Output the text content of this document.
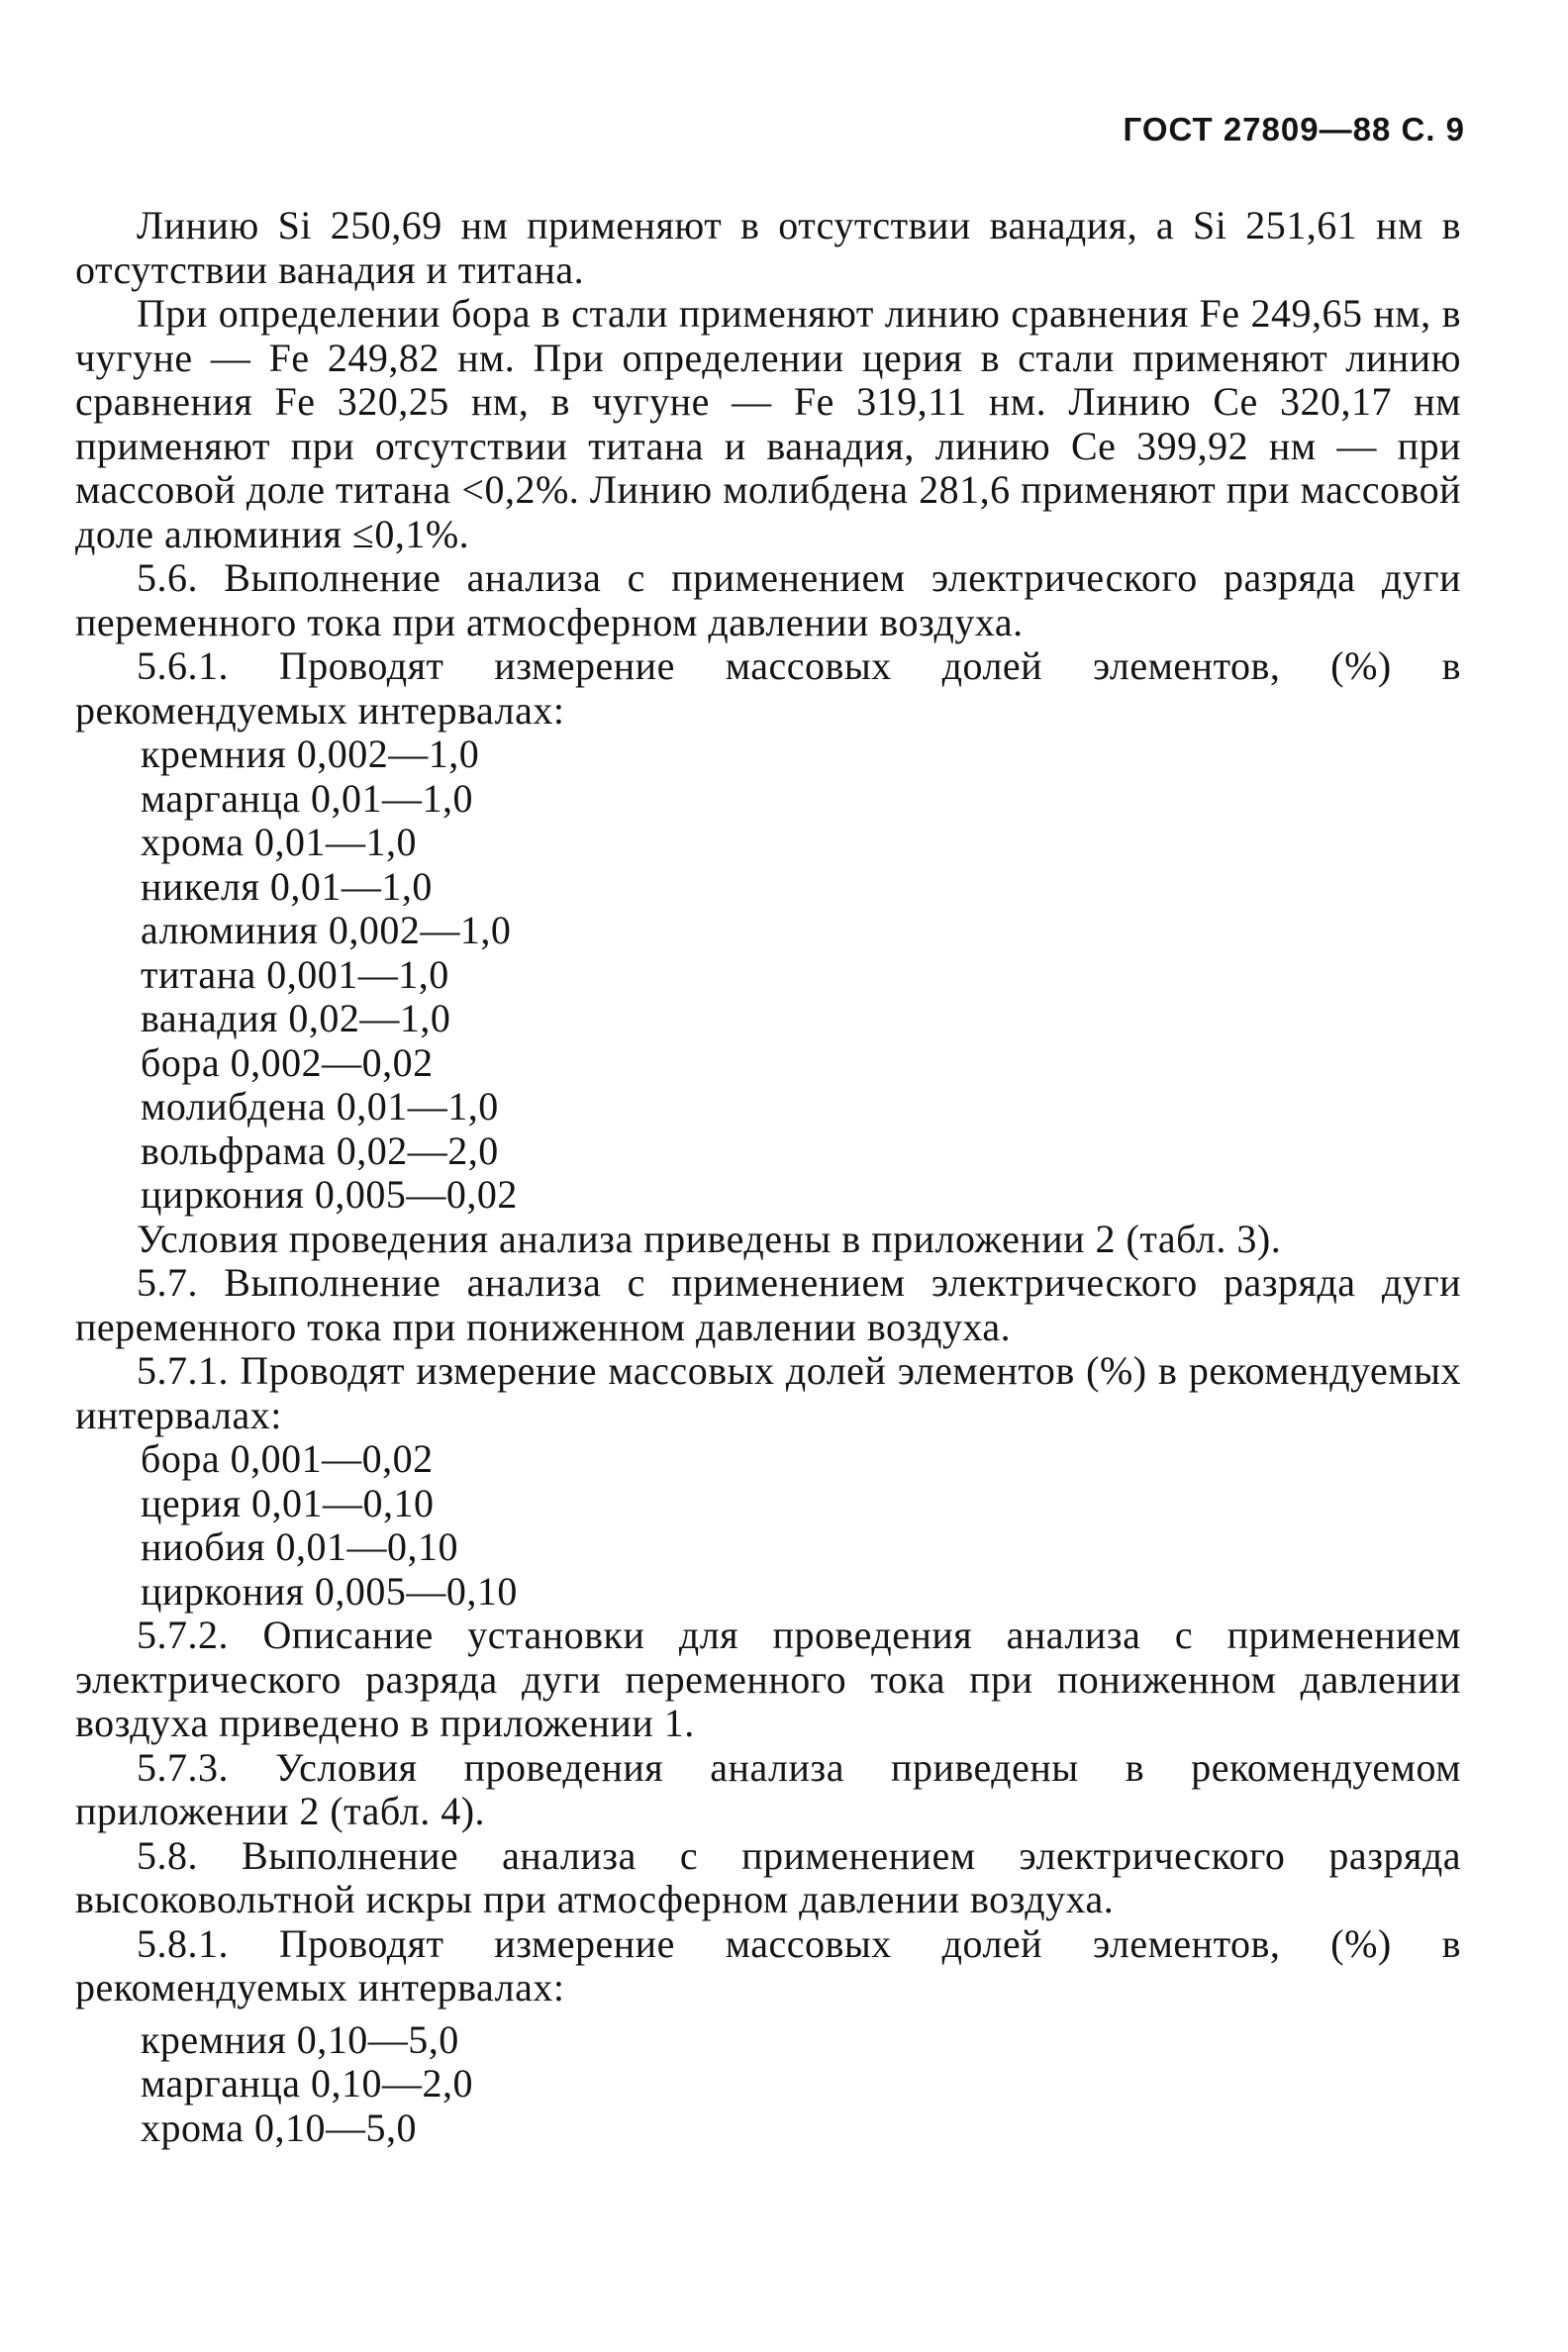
ГОСТ 27809—88 С. 9

Линию Si 250,69 нм применяют в отсутствии ванадия, а Si 251,61 нм в отсутствии ванадия и титана.

При определении бора в стали применяют линию сравнения Fe 249,65 нм, в чугуне — Fe 249,82 нм. При определении церия в стали применяют линию сравнения Fe 320,25 нм, в чугуне — Fe 319,11 нм. Линию Ce 320,17 нм применяют при отсутствии титана и ванадия, линию Ce 399,92 нм — при массовой доле титана <0,2%. Линию молибдена 281,6 применяют при массовой доле алюминия ≤0,1%.

5.6. Выполнение анализа с применением электрического разряда дуги переменного тока при атмосферном давлении воздуха.

5.6.1. Проводят измерение массовых долей элементов, (%) в рекомендуемых интервалах:

кремния 0,002—1,0
марганца 0,01—1,0
хрома 0,01—1,0
никеля 0,01—1,0
алюминия 0,002—1,0
титана 0,001—1,0
ванадия 0,02—1,0
бора 0,002—0,02
молибдена 0,01—1,0
вольфрама 0,02—2,0
циркония 0,005—0,02

Условия проведения анализа приведены в приложении 2 (табл. 3).

5.7. Выполнение анализа с применением электрического разряда дуги переменного тока при пониженном давлении воздуха.

5.7.1. Проводят измерение массовых долей элементов (%) в рекомендуемых интервалах:

бора 0,001—0,02
церия 0,01—0,10
ниобия 0,01—0,10
циркония 0,005—0,10

5.7.2. Описание установки для проведения анализа с применением электрического разряда дуги переменного тока при пониженном давлении воздуха приведено в приложении 1.

5.7.3. Условия проведения анализа приведены в рекомендуемом приложении 2 (табл. 4).

5.8. Выполнение анализа с применением электрического разряда высоковольтной искры при атмосферном давлении воздуха.

5.8.1. Проводят измерение массовых долей элементов, (%) в рекомендуемых интервалах:

кремния 0,10—5,0
марганца 0,10—2,0
хрома 0,10—5,0
